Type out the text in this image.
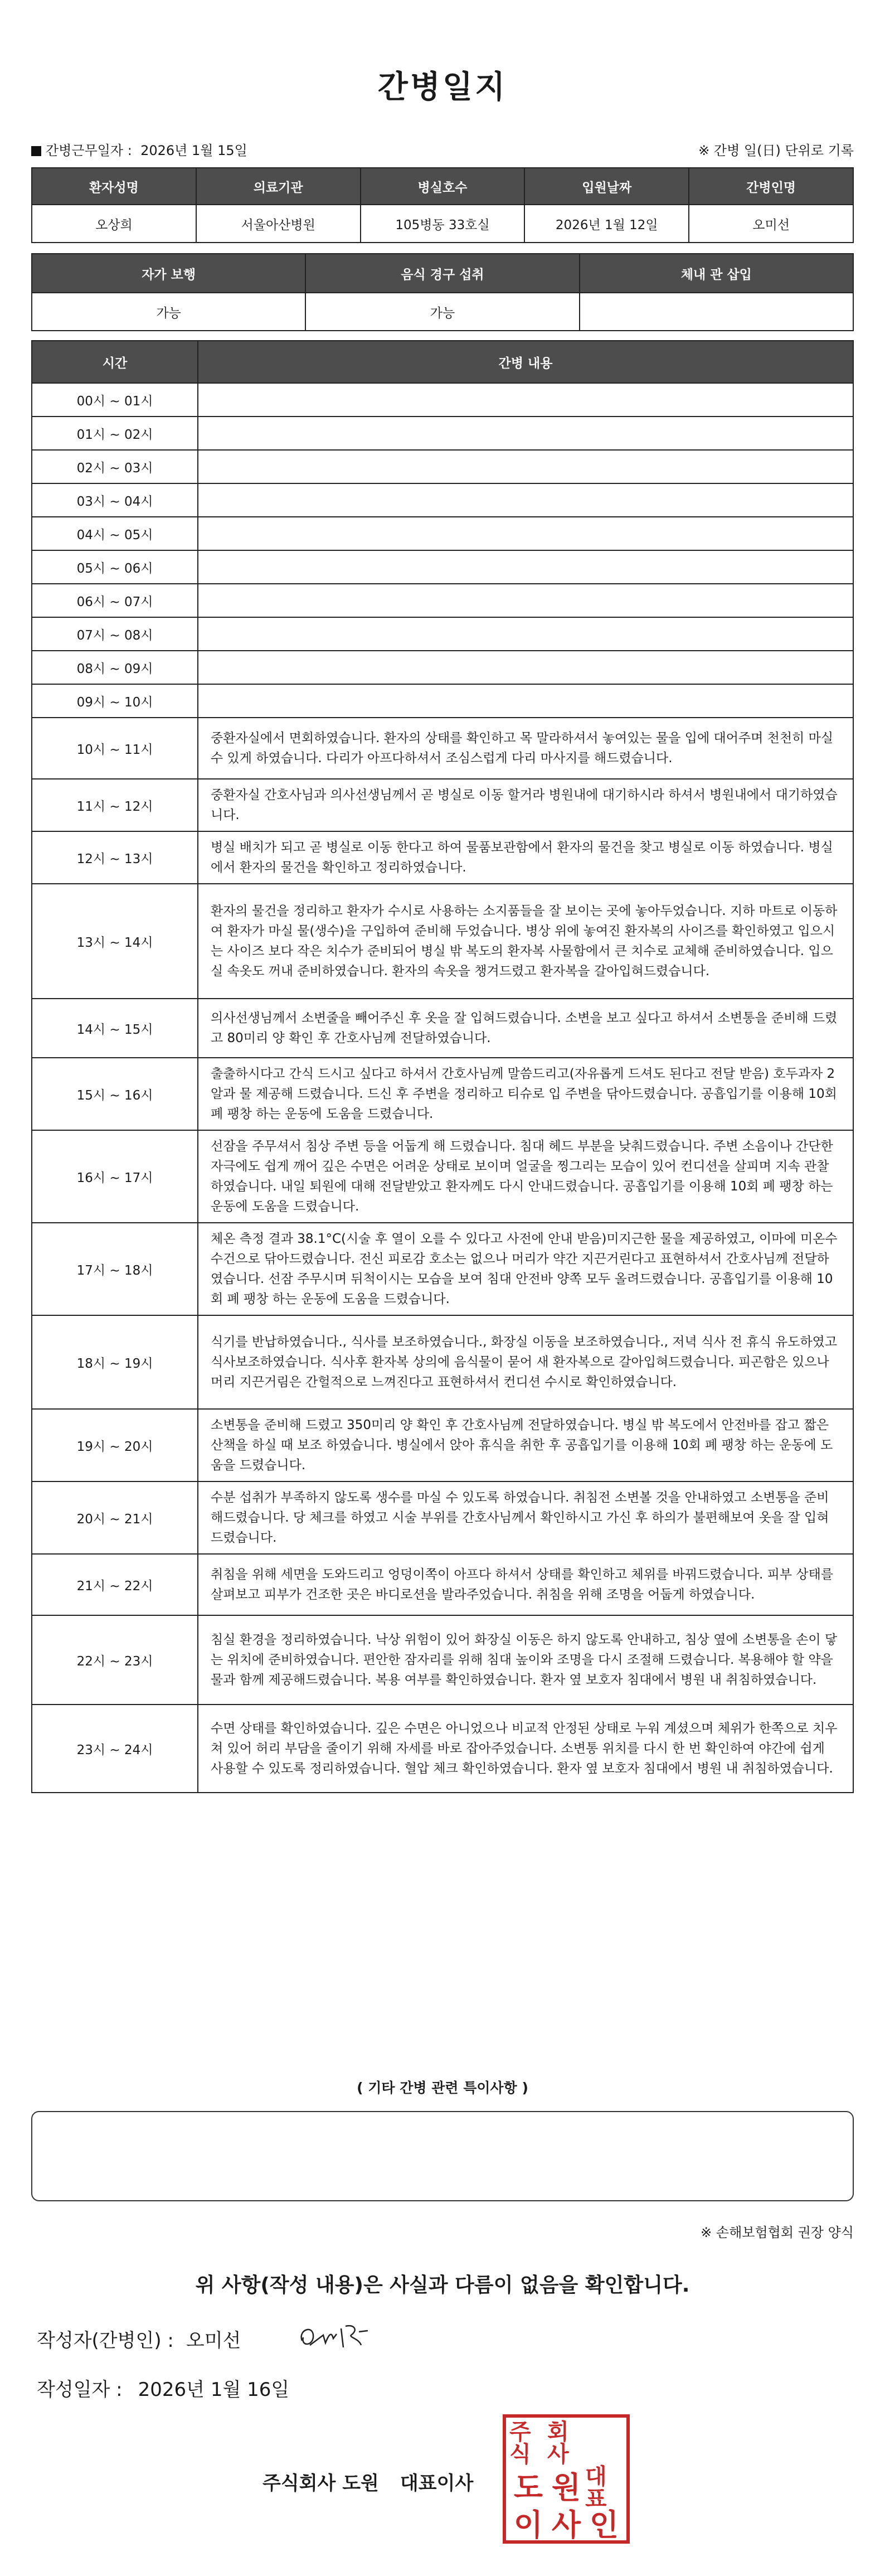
간병일지
간병근무일자 : 2026년 1월 15일	※ 간병 일(日) 단위로 기록
환자성명	의료기관	병실호수	입원날짜	간병인명
오상희	서울아산병원	105병동 33호실	2026년 1월 12일	오미선
자가 보행	음식 경구 섭취	체내 관 삽입
가능	가능	
시간	간병 내용
00시 ~ 01시	
01시 ~ 02시	
02시 ~ 03시	
03시 ~ 04시	
04시 ~ 05시	
05시 ~ 06시	
06시 ~ 07시	
07시 ~ 08시	
08시 ~ 09시	
09시 ~ 10시	
10시 ~ 11시	중환자실에서 면회하였습니다. 환자의 상태를 확인하고 목 말라하셔서 놓여있는 물을 입에 대어주며 천천히 마실 수 있게 하였습니다. 다리가 아프다하셔서 조심스럽게 다리 마사지를 해드렸습니다.
11시 ~ 12시	중환자실 간호사님과 의사선생님께서 곧 병실로 이동 할거라 병원내에 대기하시라 하셔서 병원내에서 대기하였습니다.
12시 ~ 13시	병실 배치가 되고 곧 병실로 이동 한다고 하여 물품보관함에서 환자의 물건을 찾고 병실로 이동 하였습니다. 병실에서 환자의 물건을 확인하고 정리하였습니다.
13시 ~ 14시	환자의 물건을 정리하고 환자가 수시로 사용하는 소지품들을 잘 보이는 곳에 놓아두었습니다. 지하 마트로 이동하여 환자가 마실 물(생수)을 구입하여 준비해 두었습니다. 병상 위에 놓여진 환자복의 사이즈를 확인하였고 입으시는 사이즈 보다 작은 치수가 준비되어 병실 밖 복도의 환자복 사물함에서 큰 치수로 교체해 준비하였습니다. 입으실 속옷도 꺼내 준비하였습니다. 환자의 속옷을 챙겨드렸고 환자복을 갈아입혀드렸습니다.
14시 ~ 15시	의사선생님께서 소변줄을 빼어주신 후 옷을 잘 입혀드렸습니다. 소변을 보고 싶다고 하셔서 소변통을 준비해 드렸고 80미리 양 확인 후 간호사님께 전달하였습니다.
15시 ~ 16시	출출하시다고 간식 드시고 싶다고 하셔서 간호사님께 말씀드리고(자유롭게 드셔도 된다고 전달 받음) 호두과자 2알과 물 제공해 드렸습니다. 드신 후 주변을 정리하고 티슈로 입 주변을 닦아드렸습니다. 공흡입기를 이용해 10회 폐 팽창 하는 운동에 도움을 드렸습니다.
16시 ~ 17시	선잠을 주무셔서 침상 주변 등을 어둡게 해 드렸습니다. 침대 헤드 부분을 낮춰드렸습니다. 주변 소음이나 간단한 자극에도 쉽게 깨어 깊은 수면은 어려운 상태로 보이며 얼굴을 찡그리는 모습이 있어 컨디션을 살피며 지속 관찰하였습니다. 내일 퇴원에 대해 전달받았고 환자께도 다시 안내드렸습니다. 공흡입기를 이용해 10회 폐 팽창 하는 운동에 도움을 드렸습니다.
17시 ~ 18시	체온 측정 결과 38.1°C(시술 후 열이 오를 수 있다고 사전에 안내 받음)미지근한 물을 제공하였고, 이마에 미온수 수건으로 닦아드렸습니다. 전신 피로감 호소는 없으나 머리가 약간 지끈거린다고 표현하셔서 간호사님께 전달하였습니다. 선잠 주무시며 뒤척이시는 모습을 보여 침대 안전바 양쪽 모두 올려드렸습니다. 공흡입기를 이용해 10회 폐 팽창 하는 운동에 도움을 드렸습니다.
18시 ~ 19시	식기를 반납하였습니다., 식사를 보조하였습니다., 화장실 이동을 보조하였습니다., 저녁 식사 전 휴식 유도하였고 식사보조하였습니다. 식사후 환자복 상의에 음식물이 묻어 새 환자복으로 갈아입혀드렸습니다. 피곤함은 있으나 머리 지끈거림은 간헐적으로 느껴진다고 표현하셔서 컨디션 수시로 확인하였습니다.
19시 ~ 20시	소변통을 준비해 드렸고 350미리 양 확인 후 간호사님께 전달하였습니다. 병실 밖 복도에서 안전바를 잡고 짧은 산책을 하실 때 보조 하였습니다. 병실에서 앉아 휴식을 취한 후 공흡입기를 이용해 10회 폐 팽창 하는 운동에 도움을 드렸습니다.
20시 ~ 21시	수분 섭취가 부족하지 않도록 생수를 마실 수 있도록 하였습니다. 취침전 소변볼 것을 안내하였고 소변통을 준비해드렸습니다. 당 체크를 하였고 시술 부위를 간호사님께서 확인하시고 가신 후 하의가 불편해보여 옷을 잘 입혀드렸습니다.
21시 ~ 22시	취침을 위해 세면을 도와드리고 엉덩이쪽이 아프다 하셔서 상태를 확인하고 체위를 바꿔드렸습니다. 피부 상태를 살펴보고 피부가 건조한 곳은 바디로션을 발라주었습니다. 취침을 위해 조명을 어둡게 하였습니다.
22시 ~ 23시	침실 환경을 정리하였습니다. 낙상 위험이 있어 화장실 이동은 하지 않도록 안내하고, 침상 옆에 소변통을 손이 닿는 위치에 준비하였습니다. 편안한 잠자리를 위해 침대 높이와 조명을 다시 조절해 드렸습니다. 복용해야 할 약을 물과 함께 제공해드렸습니다. 복용 여부를 확인하였습니다. 환자 옆 보호자 침대에서 병원 내 취침하였습니다.
23시 ~ 24시	수면 상태를 확인하였습니다. 깊은 수면은 아니었으나 비교적 안정된 상태로 누워 계셨으며 체위가 한쪽으로 치우쳐 있어 허리 부담을 줄이기 위해 자세를 바로 잡아주었습니다. 소변통 위치를 다시 한 번 확인하여 야간에 쉽게 사용할 수 있도록 정리하였습니다. 혈압 체크 확인하였습니다. 환자 옆 보호자 침대에서 병원 내 취침하였습니다.
( 기타 간병 관련 특이사항 )
※ 손해보험협회 권장 양식
위 사항(작성 내용)은 사실과 다름이 없음을 확인합니다.
작성자(간병인) : 오미선
작성일자 : 2026년 1월 16일
주식회사 도원 대표이사
주식
회사
도 원 대표
이 사 인
